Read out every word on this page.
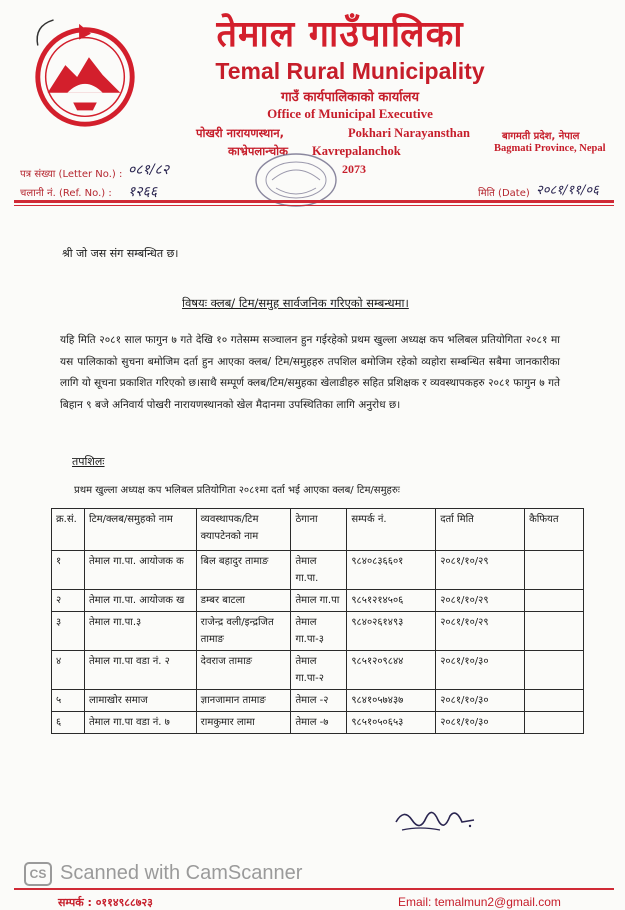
तेमाल गाउँपालिका
Temal Rural Municipality
गाउँ कार्यपालिकाको कार्यालय
Office of Municipal Executive
पोखरी नारायणस्थान,	Pokhari Narayansthan
काभ्रेपलान्चोक Kavrepalanchok
2073
बागमती प्रदेश, नेपाल
Bagmati Province, Nepal
पत्र संख्या (Letter No.) : ०८१/८२
चलानी नं. (Ref. No.) : १२६६	मिति (Date) २०८१/११/०६
श्री जो जस संग सम्बन्धित छ।
विषयः क्लब/ टिम/समुह सार्वजनिक गरिएको सम्बन्धमा।
यहि मिति २०८१ साल फागुन ७ गते देखि १० गतेसम्म सञ्चालन हुन गईरहेको प्रथम खुल्ला अध्यक्ष कप भलिबल प्रतियोगिता २०८१ मा यस पालिकाको सुचना बमोजिम दर्ता हुन आएका क्लब/ टिम/समुहहरु तपशिल बमोजिम रहेको व्यहोरा सम्बन्धित सबैमा जानकारीका लागि यो सूचना प्रकाशित गरिएको छ।साथै सम्पूर्ण क्लब/टिम/समुहका खेलाडीहरु सहित प्रशिक्षक र व्यवस्थापकहरु २०८१ फागुन ७ गते बिहान ९ बजे अनिवार्य पोखरी नारायणस्थानको खेल मैदानमा उपस्थितिका लागि अनुरोध छ।
तपशिलः
प्रथम खुल्ला अध्यक्ष कप भलिबल प्रतियोगिता २०८१मा दर्ता भई आएका क्लब/ टिम/समुहरुः
क्र.सं.	टिम/क्लब/समुहको नाम	व्यवस्थापक/टिम क्यापटेनको नाम	ठेगाना	सम्पर्क नं.	दर्ता मिति	कैफियत
१	तेमाल गा.पा. आयोजक क	बिल बहादुर तामाङ	तेमाल गा.पा.	९८४०८३६६०१	२०८१/१०/२९	
२	तेमाल गा.पा. आयोजक ख	डम्बर बाटला	तेमाल गा.पा	९८५१२१४५०६	२०८१/१०/२९	
३	तेमाल गा.पा.३	राजेन्द्र वली/इन्द्रजित तामाङ	तेमाल गा.पा-३	९८४०२६१४९३	२०८१/१०/२९	
४	तेमाल गा.पा वडा नं. २	देवराज तामाङ	तेमाल गा.पा-२	९८५१२०९८४४	२०८१/१०/३०	
५	लामाखोर समाज	ज्ञानजामान तामाङ	तेमाल -२	९८४१०५७४३७	२०८१/१०/३०	
६	तेमाल गा.पा वडा नं. ७	रामकुमार लामा	तेमाल -७	९८५१०५०६५३	२०८१/१०/३०	
CS Scanned with CamScanner
सम्पर्क : ०११४९८८७२३	Email: temalmun2@gmail.com
